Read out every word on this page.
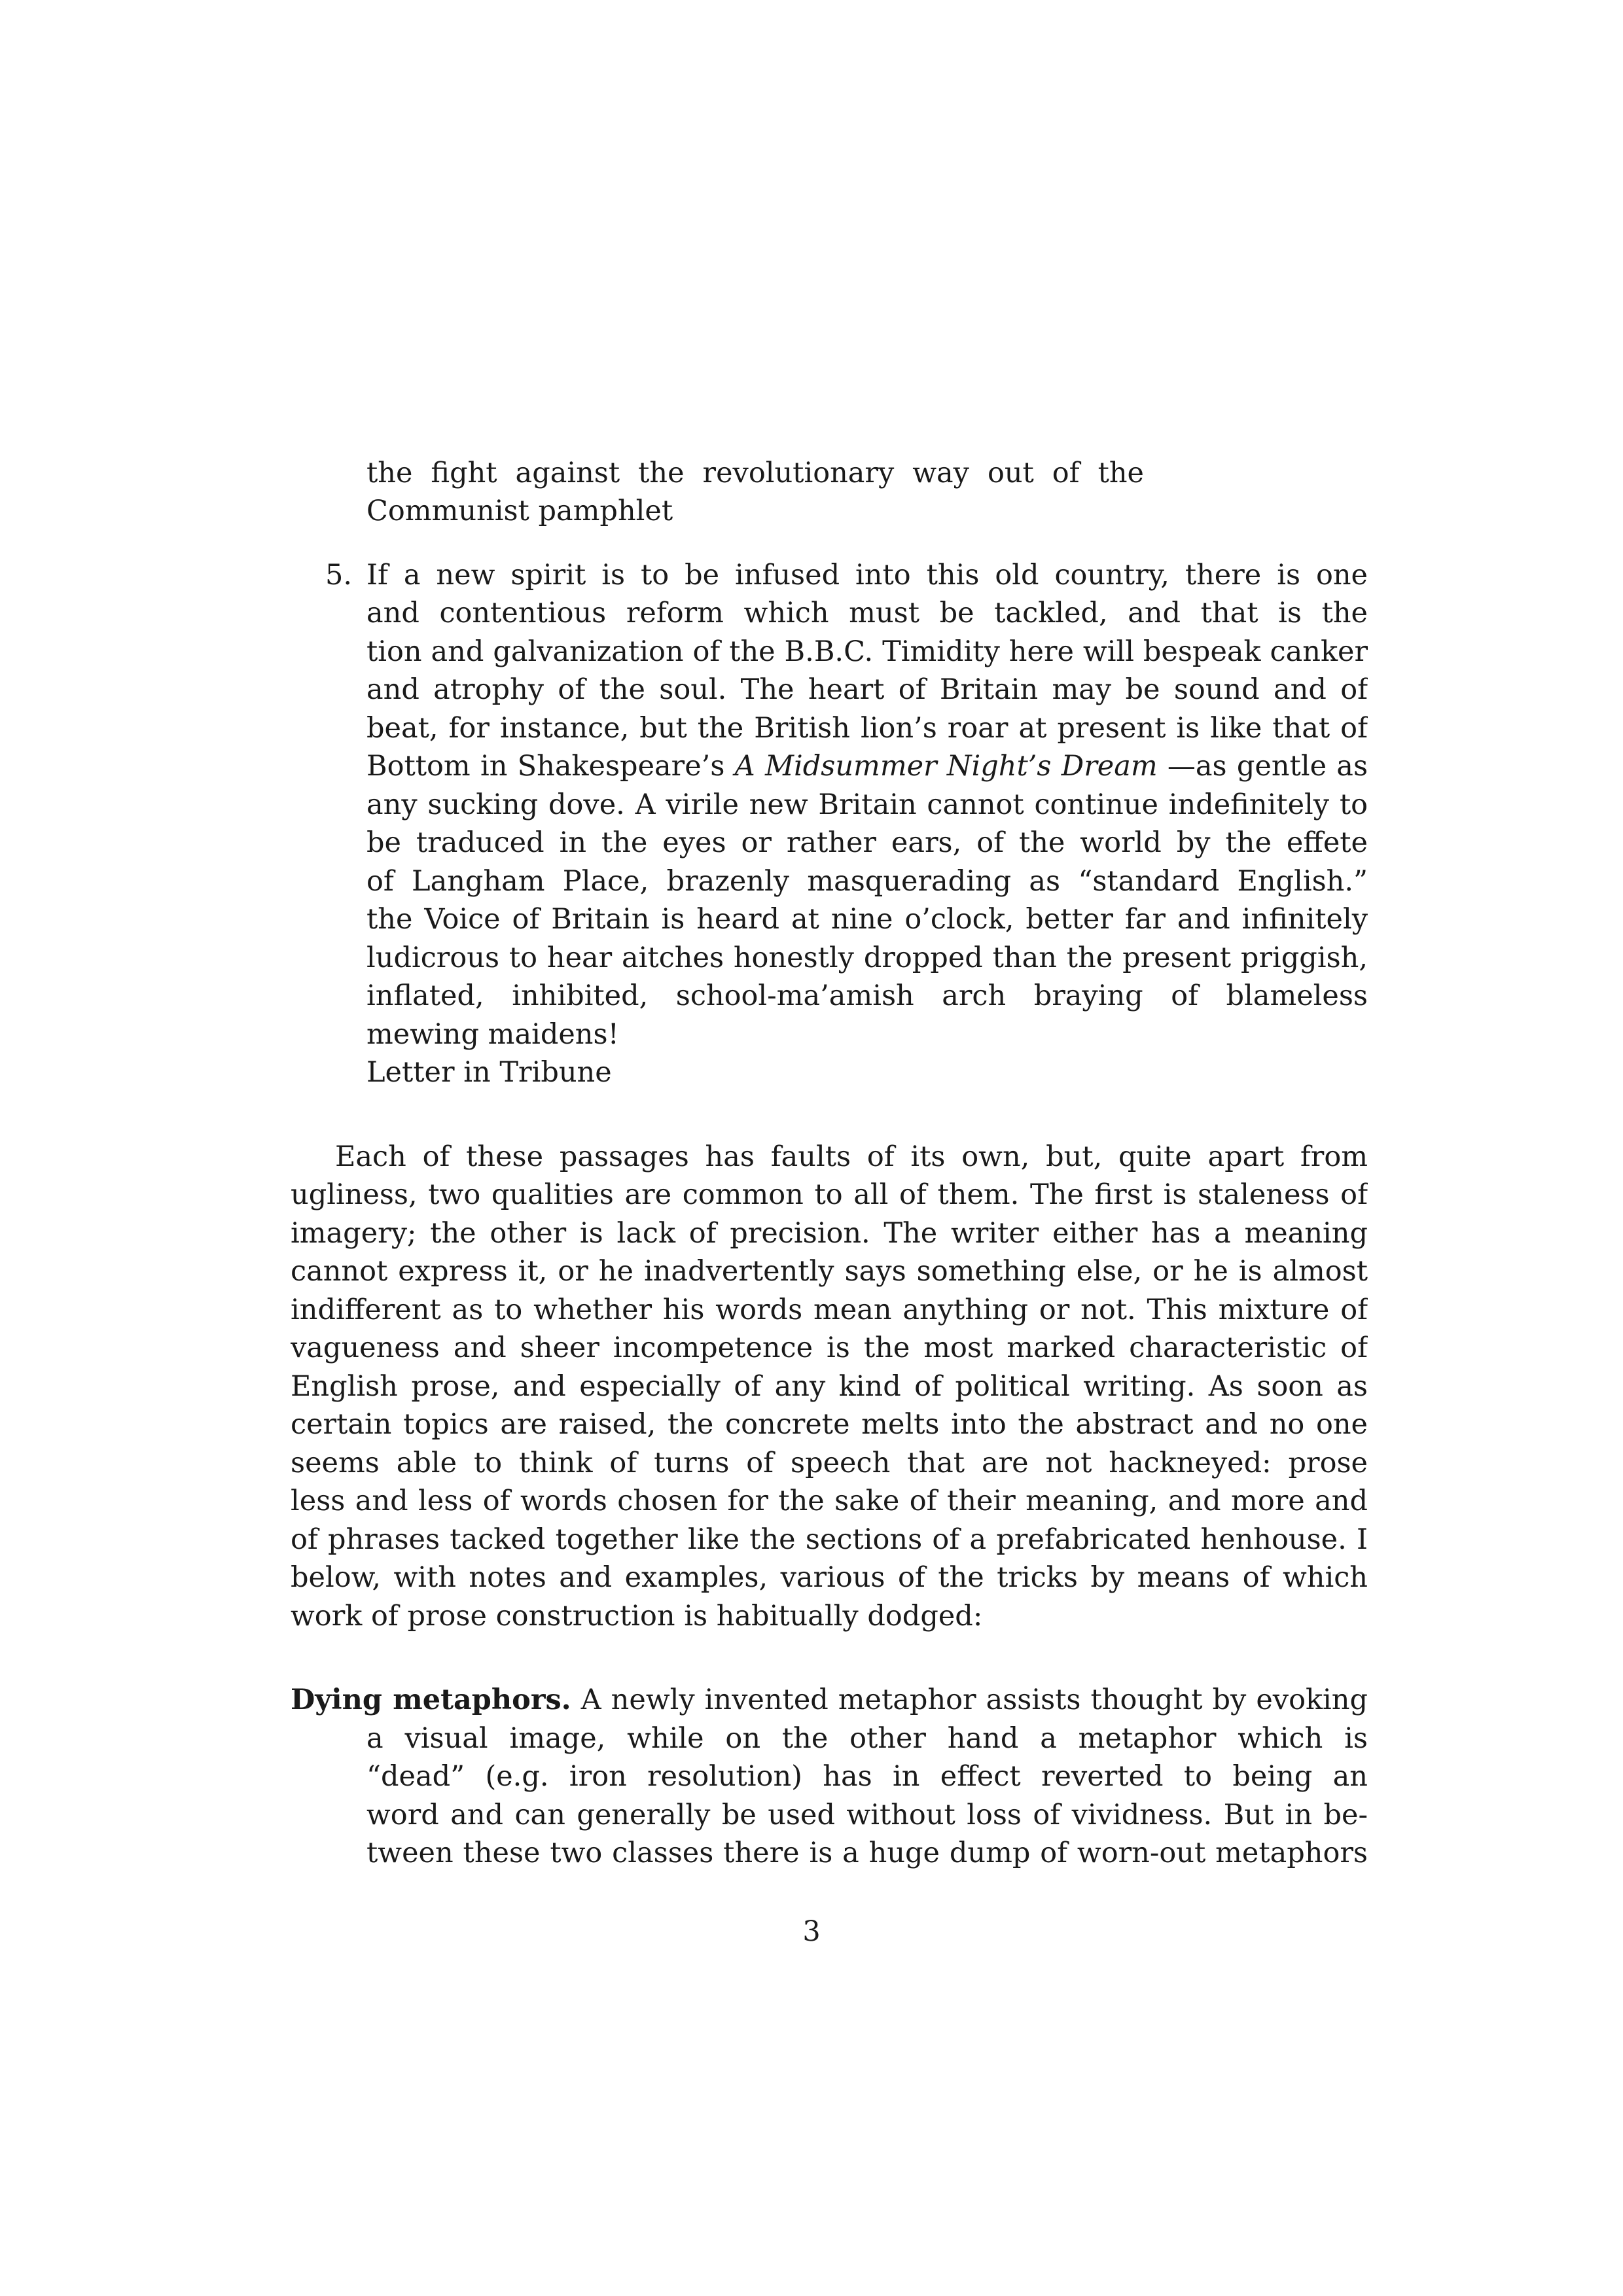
the fight against the revolutionary way out of the
Communist pamphlet
5. If a new spirit is to be infused into this old country, there is one
and contentious reform which must be tackled, and that is the
tion and galvanization of the B.B.C. Timidity here will bespeak canker
and atrophy of the soul. The heart of Britain may be sound and of
beat, for instance, but the British lion’s roar at present is like that of
Bottom in Shakespeare’s A Midsummer Night’s Dream —as gentle as
any sucking dove. A virile new Britain cannot continue indefinitely to
be traduced in the eyes or rather ears, of the world by the effete
of Langham Place, brazenly masquerading as “standard English.”
the Voice of Britain is heard at nine o’clock, better far and infinitely
ludicrous to hear aitches honestly dropped than the present priggish,
inflated, inhibited, school-ma’amish arch braying of blameless
mewing maidens!
Letter in Tribune
Each of these passages has faults of its own, but, quite apart from
ugliness, two qualities are common to all of them. The first is staleness of
imagery; the other is lack of precision. The writer either has a meaning
cannot express it, or he inadvertently says something else, or he is almost
indifferent as to whether his words mean anything or not. This mixture of
vagueness and sheer incompetence is the most marked characteristic of
English prose, and especially of any kind of political writing. As soon as
certain topics are raised, the concrete melts into the abstract and no one
seems able to think of turns of speech that are not hackneyed: prose
less and less of words chosen for the sake of their meaning, and more and
of phrases tacked together like the sections of a prefabricated henhouse. I
below, with notes and examples, various of the tricks by means of which
work of prose construction is habitually dodged:
Dying metaphors. A newly invented metaphor assists thought by evoking
a visual image, while on the other hand a metaphor which is
“dead” (e.g. iron resolution) has in effect reverted to being an
word and can generally be used without loss of vividness. But in be-
tween these two classes there is a huge dump of worn-out metaphors
3
